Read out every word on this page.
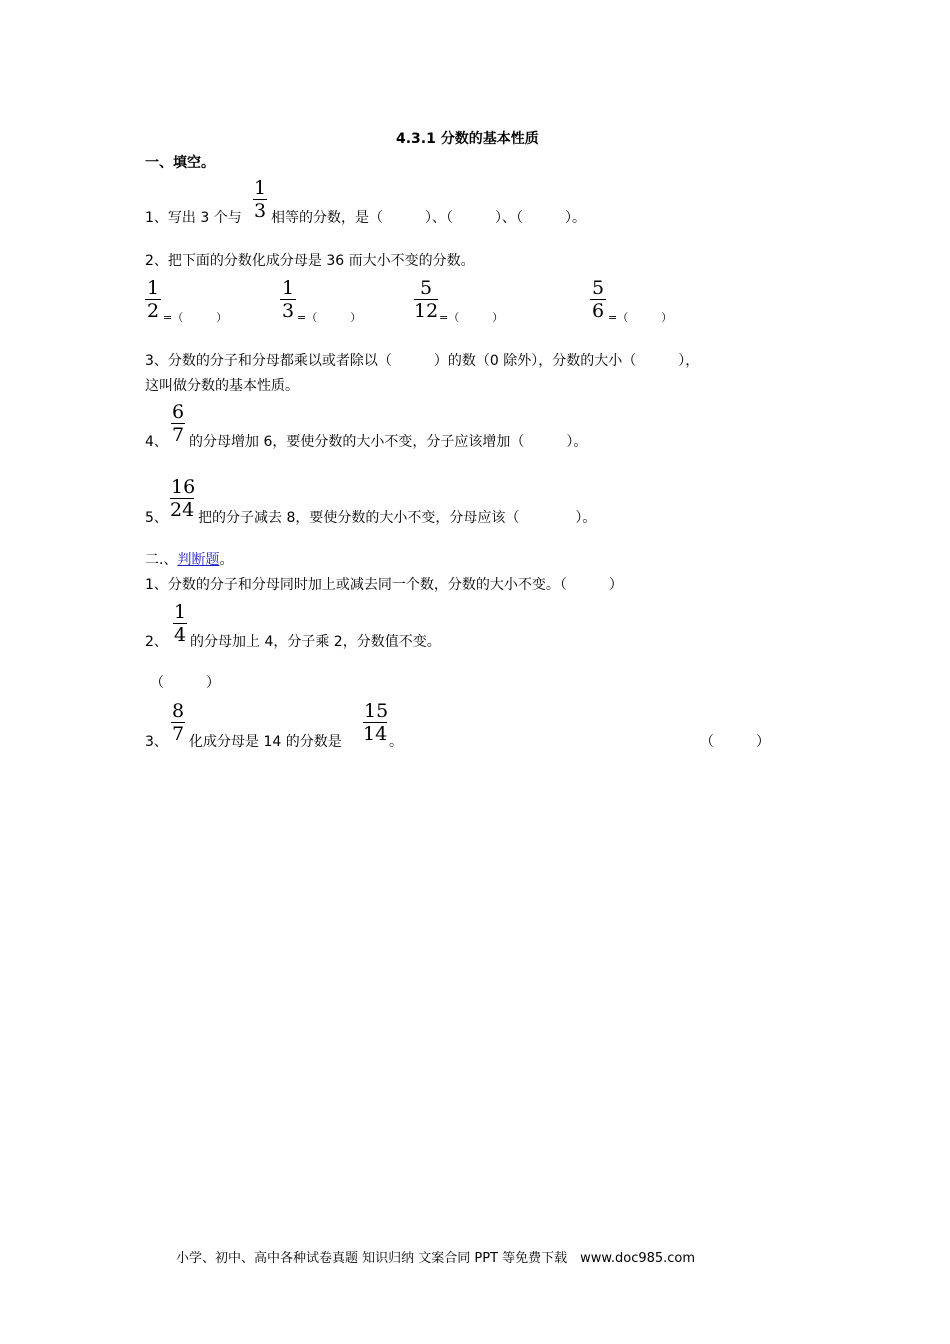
4.3.1 分数的基本性质
一、填空。
1、写出 3 个与 $\frac{1}{3}$ 相等的分数，是（　　　）、（　　　）、（　　　）。
2、把下面的分数化成分母是 36 而大小不变的分数。
$\frac{1}{2}$ =（　　　）	$\frac{1}{3}$ =（　　　）	$\frac{5}{12}$ =（　　　）	$\frac{5}{6}$ =（　　　）
3、分数的分子和分母都乘以或者除以（　　　）的数（0 除外），分数的大小（　　　），
这叫做分数的基本性质。
4、 $\frac{6}{7}$ 的分母增加 6，要使分数的大小不变，分子应该增加（　　　）。
5、 $\frac{16}{24}$ 把的分子减去 8，要使分数的大小不变，分母应该（　　　　）。
二.、判断题。
1、分数的分子和分母同时加上或减去同一个数，分数的大小不变。（　　　）
2、 $\frac{1}{4}$ 的分母加上 4，分子乘 2，分数值不变。
（　　　）
3、 $\frac{8}{7}$ 化成分母是 14 的分数是 $\frac{15}{14}$ 。	（　　　）
小学、初中、高中各种试卷真题 知识归纳 文案合同 PPT 等免费下载　www.doc985.com
